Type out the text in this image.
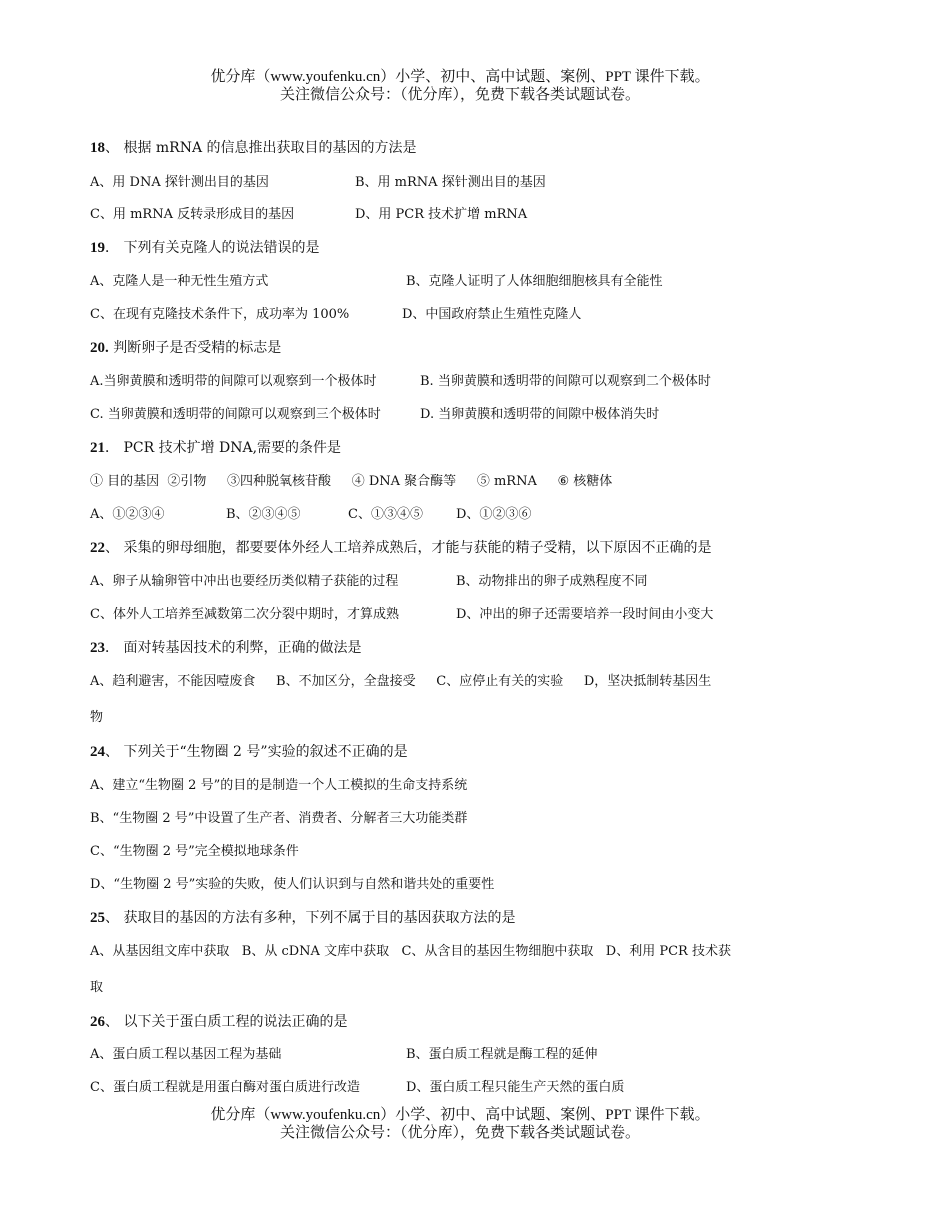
优分库（www.youfenku.cn）小学、初中、高中试题、案例、PPT 课件下载。
关注微信公众号：（优分库），免费下载各类试题试卷。
18、 根据 mRNA 的信息推出获取目的基因的方法是
A、用 DNA 探针测出目的基因	B、用 mRNA 探针测出目的基因
C、用 mRNA 反转录形成目的基因	D、用 PCR 技术扩增 mRNA
19． 下列有关克隆人的说法错误的是
A、克隆人是一种无性生殖方式	B、克隆人证明了人体细胞细胞核具有全能性
C、在现有克隆技术条件下，成功率为 100%	D、中国政府禁止生殖性克隆人
20. 判断卵子是否受精的标志是
A.当卵黄膜和透明带的间隙可以观察到一个极体时	B. 当卵黄膜和透明带的间隙可以观察到二个极体时
C. 当卵黄膜和透明带的间隙可以观察到三个极体时	D. 当卵黄膜和透明带的间隙中极体消失时
21． PCR 技术扩增 DNA,需要的条件是
① 目的基因  ②引物     ③四种脱氧核苷酸     ④ DNA 聚合酶等     ⑤ mRNA     ⑥ 核糖体
A、①②③④	B、②③④⑤	C、①③④⑤	D、①②③⑥
22、 采集的卵母细胞，都要要体外经人工培养成熟后，才能与获能的精子受精，以下原因不正确的是
A、卵子从输卵管中冲出也要经历类似精子获能的过程	B、动物排出的卵子成熟程度不同
C、体外人工培养至减数第二次分裂中期时，才算成熟	D、冲出的卵子还需要培养一段时间由小变大
23． 面对转基因技术的利弊，正确的做法是
A、趋利避害，不能因噎废食     B、不加区分，全盘接受     C、应停止有关的实验     D，坚决抵制转基因生
物
24、 下列关于“生物圈 2 号”实验的叙述不正确的是
A、建立“生物圈 2 号”的目的是制造一个人工模拟的生命支持系统
B、“生物圈 2 号”中设置了生产者、消费者、分解者三大功能类群
C、“生物圈 2 号”完全模拟地球条件
D、“生物圈 2 号”实验的失败，使人们认识到与自然和谐共处的重要性
25、 获取目的基因的方法有多种，下列不属于目的基因获取方法的是
A、从基因组文库中获取   B、从 cDNA 文库中获取   C、从含目的基因生物细胞中获取   D、利用 PCR 技术获
取
26、 以下关于蛋白质工程的说法正确的是
A、蛋白质工程以基因工程为基础	B、蛋白质工程就是酶工程的延伸
C、蛋白质工程就是用蛋白酶对蛋白质进行改造	D、蛋白质工程只能生产天然的蛋白质
优分库（www.youfenku.cn）小学、初中、高中试题、案例、PPT 课件下载。
关注微信公众号：（优分库），免费下载各类试题试卷。
